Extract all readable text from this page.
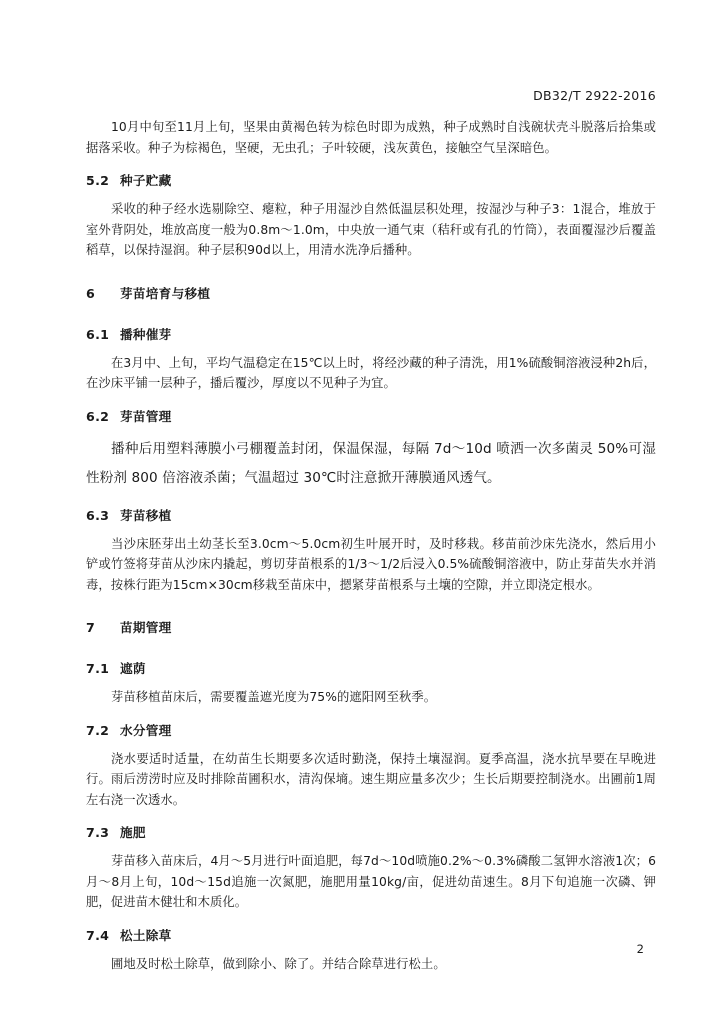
DB32/T 2922-2016

10月中旬至11月上旬，坚果由黄褐色转为棕色时即为成熟，种子成熟时自浅碗状壳斗脱落后拾集或据落采收。种子为棕褐色，坚硬，无虫孔；子叶较硬，浅灰黄色，接触空气呈深暗色。

5.2 种子贮藏

采收的种子经水选剔除空、瘪粒，种子用湿沙自然低温层积处理，按湿沙与种子3：1混合，堆放于室外背阴处，堆放高度一般为0.8m～1.0m，中央放一通气束（秸秆或有孔的竹筒），表面覆湿沙后覆盖稻草，以保持湿润。种子层积90d以上，用清水洗净后播种。

6 芽苗培育与移植

6.1 播种催芽

在3月中、上旬，平均气温稳定在15℃以上时，将经沙藏的种子清洗，用1%硫酸铜溶液浸种2h后，在沙床平铺一层种子，播后覆沙，厚度以不见种子为宜。

6.2 芽苗管理

播种后用塑料薄膜小弓棚覆盖封闭，保温保湿，每隔 7d～10d 喷洒一次多菌灵 50%可湿性粉剂 800 倍溶液杀菌；气温超过 30℃时注意掀开薄膜通风透气。

6.3 芽苗移植

当沙床胚芽出土幼茎长至3.0cm～5.0cm初生叶展开时，及时移栽。移苗前沙床先浇水，然后用小铲或竹签将芽苗从沙床内撬起，剪切芽苗根系的1/3～1/2后浸入0.5%硫酸铜溶液中，防止芽苗失水并消毒，按株行距为15cm×30cm移栽至苗床中，摁紧芽苗根系与土壤的空隙，并立即浇定根水。

7 苗期管理

7.1 遮荫

芽苗移植苗床后，需要覆盖遮光度为75%的遮阳网至秋季。

7.2 水分管理

浇水要适时适量，在幼苗生长期要多次适时勤浇，保持土壤湿润。夏季高温，浇水抗旱要在早晚进行。雨后涝涝时应及时排除苗圃积水，清沟保墒。速生期应量多次少；生长后期要控制浇水。出圃前1周左右浇一次透水。

7.3 施肥

芽苗移入苗床后，4月～5月进行叶面追肥，每7d～10d喷施0.2%～0.3%磷酸二氢钾水溶液1次；6月～8月上旬，10d～15d追施一次氮肥，施肥用量10kg/亩，促进幼苗速生。8月下旬追施一次磷、钾肥，促进苗木健壮和木质化。

7.4 松土除草

圃地及时松土除草，做到除小、除了。并结合除草进行松土。

2
